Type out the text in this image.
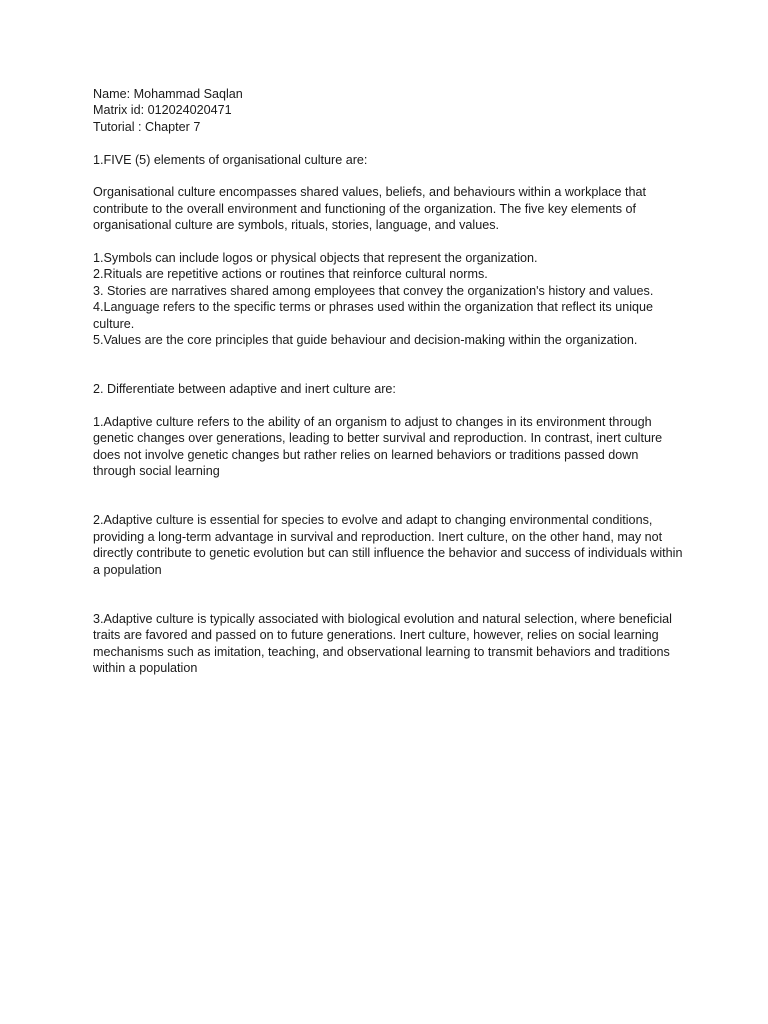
Name: Mohammad Saqlan

Matrix id: 012024020471

Tutorial : Chapter 7

1.FIVE (5) elements of organisational culture are:

Organisational culture encompasses shared values, beliefs, and behaviours within a workplace that contribute to the overall environment and functioning of the organization. The five key elements of organisational culture are symbols, rituals, stories, language, and values.

1.Symbols can include logos or physical objects that represent the organization.

2.Rituals are repetitive actions or routines that reinforce cultural norms.

3. Stories are narratives shared among employees that convey the organization's history and values.

4.Language refers to the specific terms or phrases used within the organization that reflect its unique culture.

5.Values are the core principles that guide behaviour and decision-making within the organization.

2. Differentiate between adaptive and inert culture are:

1.Adaptive culture refers to the ability of an organism to adjust to changes in its environment through genetic changes over generations, leading to better survival and reproduction. In contrast, inert culture does not involve genetic changes but rather relies on learned behaviors or traditions passed down through social learning

2.Adaptive culture is essential for species to evolve and adapt to changing environmental conditions, providing a long-term advantage in survival and reproduction. Inert culture, on the other hand, may not directly contribute to genetic evolution but can still influence the behavior and success of individuals within a population

3.Adaptive culture is typically associated with biological evolution and natural selection, where beneficial traits are favored and passed on to future generations. Inert culture, however, relies on social learning mechanisms such as imitation, teaching, and observational learning to transmit behaviors and traditions within a population
